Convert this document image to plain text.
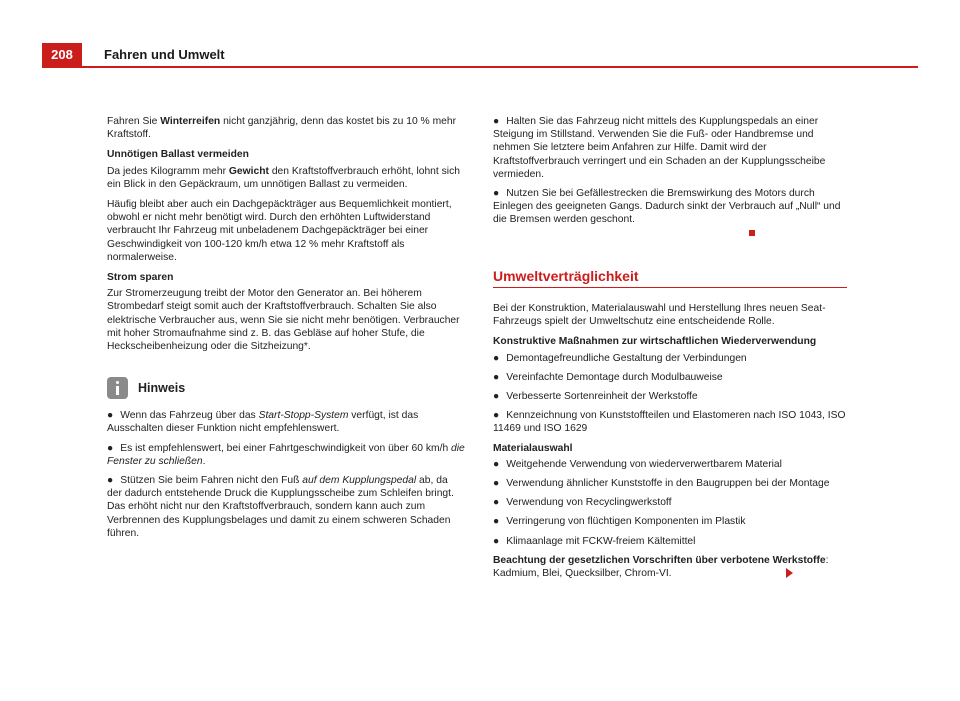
208	Fahren und Umwelt

Fahren Sie Winterreifen nicht ganzjährig, denn das kostet bis zu 10 % mehr Kraftstoff.

Unnötigen Ballast vermeiden

Da jedes Kilogramm mehr Gewicht den Kraftstoffverbrauch erhöht, lohnt sich ein Blick in den Gepäckraum, um unnötigen Ballast zu vermeiden.

Häufig bleibt aber auch ein Dachgepäckträger aus Bequemlichkeit montiert, obwohl er nicht mehr benötigt wird. Durch den erhöhten Luftwiderstand verbraucht Ihr Fahrzeug mit unbeladenem Dachgepäckträger bei einer Geschwindigkeit von 100-120 km/h etwa 12 % mehr Kraftstoff als normalerweise.

Strom sparen

Zur Stromerzeugung treibt der Motor den Generator an. Bei höherem Strombedarf steigt somit auch der Kraftstoffverbrauch. Schalten Sie also elektrische Verbraucher aus, wenn Sie sie nicht mehr benötigen. Verbraucher mit hoher Stromaufnahme sind z. B. das Gebläse auf hoher Stufe, die Heckscheibenheizung oder die Sitzheizung*.

Hinweis

● Wenn das Fahrzeug über das Start-Stopp-System verfügt, ist das Ausschalten dieser Funktion nicht empfehlenswert.

● Es ist empfehlenswert, bei einer Fahrtgeschwindigkeit von über 60 km/h die Fenster zu schließen.

● Stützen Sie beim Fahren nicht den Fuß auf dem Kupplungspedal ab, da der dadurch entstehende Druck die Kupplungsscheibe zum Schleifen bringt. Das erhöht nicht nur den Kraftstoffverbrauch, sondern kann auch zum Verbrennen des Kupplungsbelages und damit zu einem schweren Schaden führen.

● Halten Sie das Fahrzeug nicht mittels des Kupplungspedals an einer Steigung im Stillstand. Verwenden Sie die Fuß- oder Handbremse und nehmen Sie letztere beim Anfahren zur Hilfe. Damit wird der Kraftstoffverbrauch verringert und ein Schaden an der Kupplungsscheibe vermieden.

● Nutzen Sie bei Gefällestrecken die Bremswirkung des Motors durch Einlegen des geeigneten Gangs. Dadurch sinkt der Verbrauch auf „Null“ und die Bremsen werden geschont.

Umweltverträglichkeit

Bei der Konstruktion, Materialauswahl und Herstellung Ihres neuen Seat-Fahrzeugs spielt der Umweltschutz eine entscheidende Rolle.

Konstruktive Maßnahmen zur wirtschaftlichen Wiederverwendung

● Demontagefreundliche Gestaltung der Verbindungen

● Vereinfachte Demontage durch Modulbauweise

● Verbesserte Sortenreinheit der Werkstoffe

● Kennzeichnung von Kunststoffteilen und Elastomeren nach ISO 1043, ISO 11469 und ISO 1629

Materialauswahl

● Weitgehende Verwendung von wiederverwertbarem Material

● Verwendung ähnlicher Kunststoffe in den Baugruppen bei der Montage

● Verwendung von Recyclingwerkstoff

● Verringerung von flüchtigen Komponenten im Plastik

● Klimaanlage mit FCKW-freiem Kältemittel

Beachtung der gesetzlichen Vorschriften über verbotene Werkstoffe: Kadmium, Blei, Quecksilber, Chrom-VI.
